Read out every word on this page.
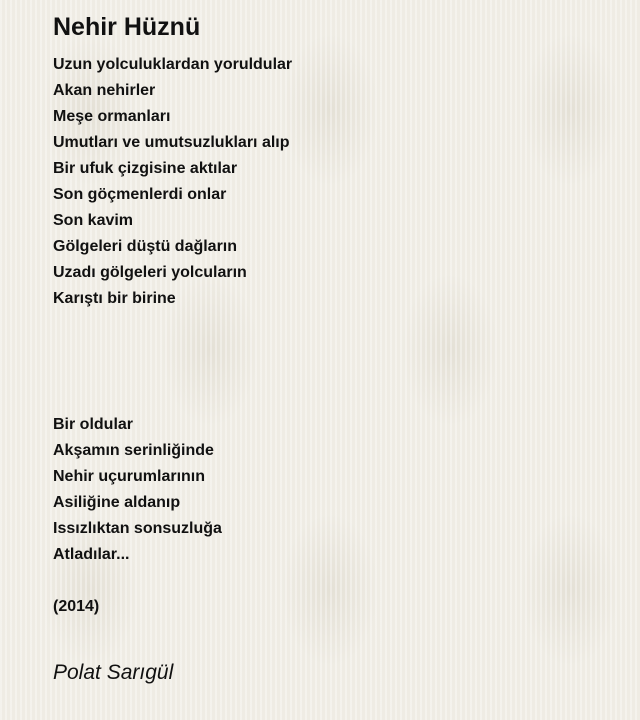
Nehir Hüznü
Uzun yolculuklardan yoruldular
Akan nehirler
Meşe ormanları
Umutları ve umutsuzlukları alıp
Bir ufuk çizgisine aktılar
Son göçmenlerdi onlar
Son kavim
Gölgeleri düştü dağların
Uzadı gölgeleri yolcuların
Karıştı bir birine
Bir oldular
Akşamın serinliğinde
Nehir uçurumlarının
Asiliğine aldanıp
Issızlıktan sonsuzluğa
Atladılar...
(2014)
Polat Sarıgül
